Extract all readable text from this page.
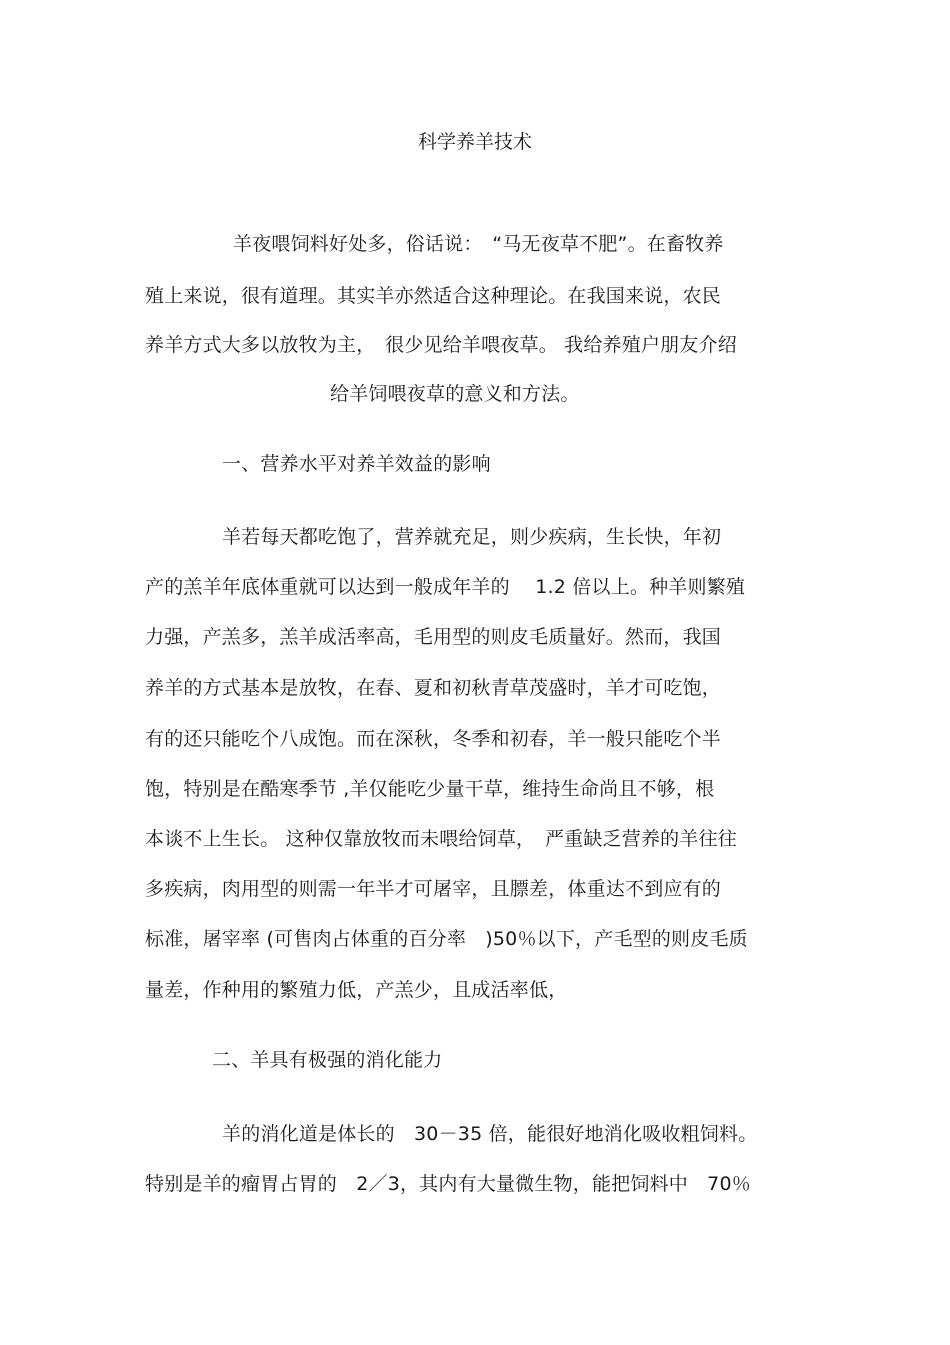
科学养羊技术
羊夜喂饲料好处多，俗话说：　“马无夜草不肥”。在畜牧养
殖上来说，很有道理。其实羊亦然适合这种理论。在我国来说，农民
养羊方式大多以放牧为主，　很少见给羊喂夜草。 我给养殖户朋友介绍
给羊饲喂夜草的意义和方法。
一、营养水平对养羊效益的影响
羊若每天都吃饱了，营养就充足，则少疾病，生长快，年初
产的羔羊年底体重就可以达到一般成年羊的　 1.2 倍以上。种羊则繁殖
力强，产羔多，羔羊成活率高，毛用型的则皮毛质量好。然而，我国
养羊的方式基本是放牧，在春、夏和初秋青草茂盛时，羊才可吃饱，
有的还只能吃个八成饱。而在深秋，冬季和初春，羊一般只能吃个半
饱，特别是在酷寒季节 ,羊仅能吃少量干草，维持生命尚且不够，根
本谈不上生长。 这种仅靠放牧而未喂给饲草，　严重缺乏营养的羊往往
多疾病，肉用型的则需一年半才可屠宰，且膘差，体重达不到应有的
标准，屠宰率 (可售肉占体重的百分率　)50％以下，产毛型的则皮毛质
量差，作种用的繁殖力低，产羔少，且成活率低，
二、羊具有极强的消化能力
羊的消化道是体长的　30－35 倍，能很好地消化吸收粗饲料。
特别是羊的瘤胃占胃的　2／3，其内有大量微生物，能把饲料中　70％
